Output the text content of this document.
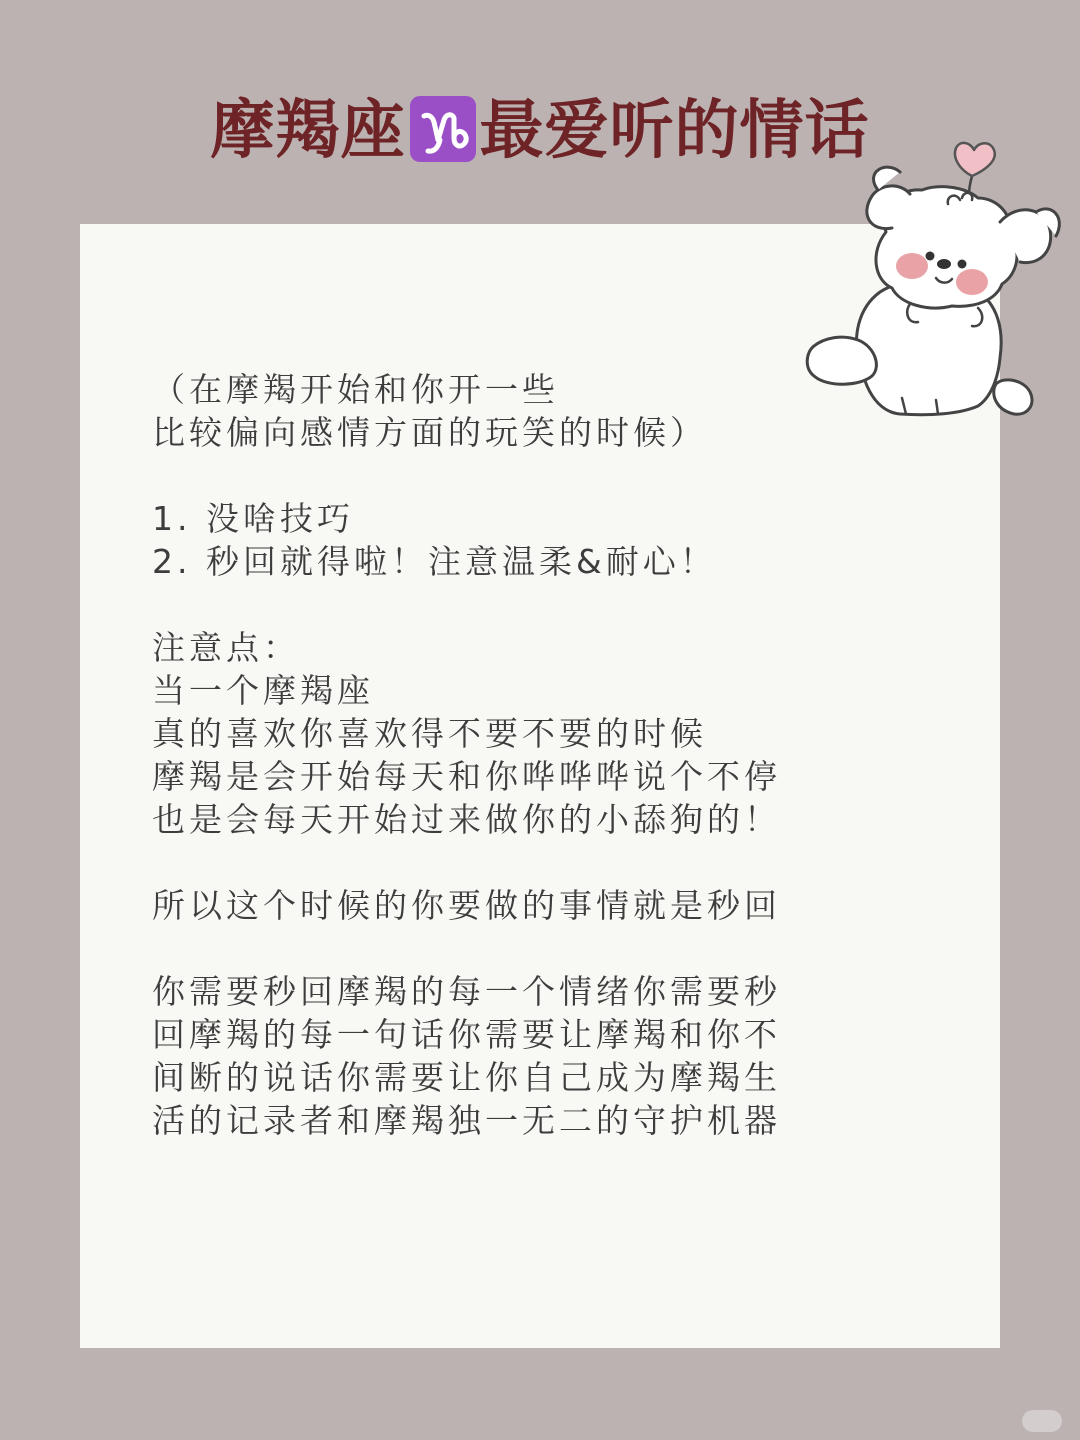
摩羯座 最爱听的情话
（在摩羯开始和你开一些
比较偏向感情方面的玩笑的时候）
1. 没啥技巧
2. 秒回就得啦！注意温柔&耐心！
注意点：
当一个摩羯座
真的喜欢你喜欢得不要不要的时候
摩羯是会开始每天和你哗哗哗说个不停
也是会每天开始过来做你的小舔狗的！
所以这个时候的你要做的事情就是秒回
你需要秒回摩羯的每一个情绪你需要秒
回摩羯的每一句话你需要让摩羯和你不
间断的说话你需要让你自己成为摩羯生
活的记录者和摩羯独一无二的守护机器
